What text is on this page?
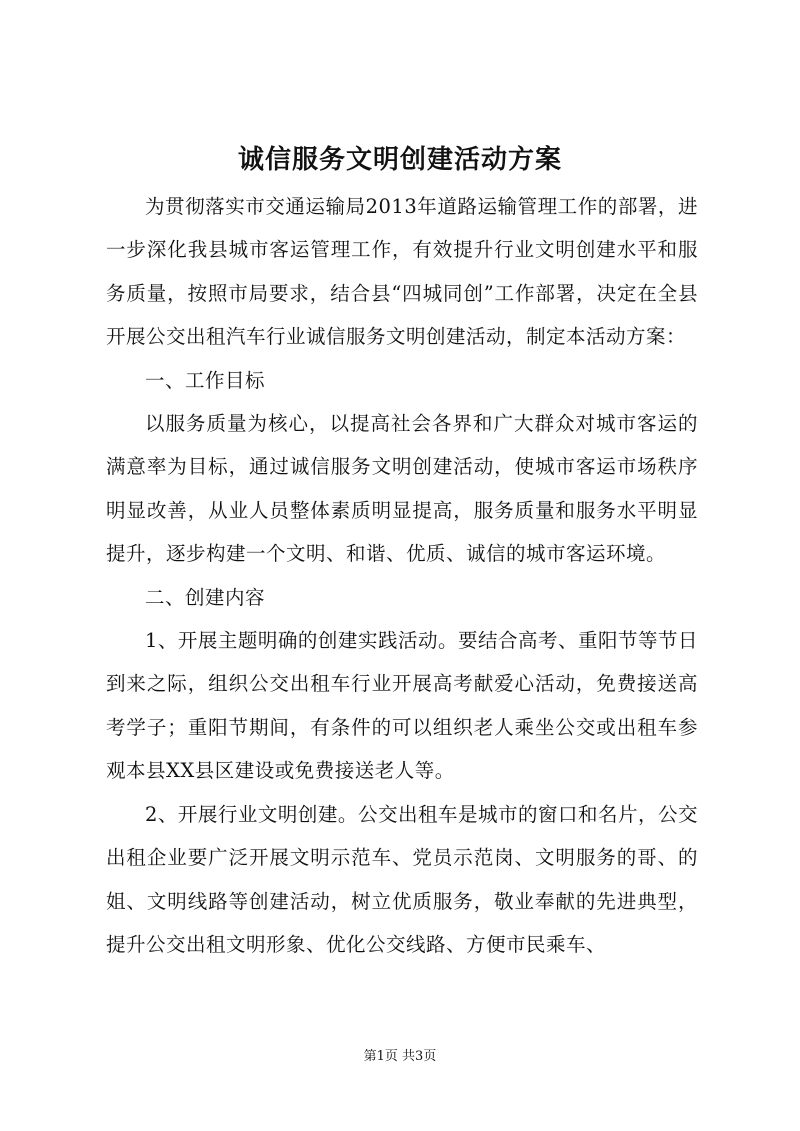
诚信服务文明创建活动方案

为贯彻落实市交通运输局2013年道路运输管理工作的部署，进一步深化我县城市客运管理工作，有效提升行业文明创建水平和服务质量，按照市局要求，结合县“四城同创”工作部署，决定在全县开展公交出租汽车行业诚信服务文明创建活动，制定本活动方案：

一、工作目标

以服务质量为核心，以提高社会各界和广大群众对城市客运的满意率为目标，通过诚信服务文明创建活动，使城市客运市场秩序明显改善，从业人员整体素质明显提高，服务质量和服务水平明显提升，逐步构建一个文明、和谐、优质、诚信的城市客运环境。

二、创建内容

1、开展主题明确的创建实践活动。要结合高考、重阳节等节日到来之际，组织公交出租车行业开展高考献爱心活动，免费接送高考学子；重阳节期间，有条件的可以组织老人乘坐公交或出租车参观本县XX县区建设或免费接送老人等。

2、开展行业文明创建。公交出租车是城市的窗口和名片，公交出租企业要广泛开展文明示范车、党员示范岗、文明服务的哥、的姐、文明线路等创建活动，树立优质服务，敬业奉献的先进典型，提升公交出租文明形象、优化公交线路、方便市民乘车、

第1页 共3页
